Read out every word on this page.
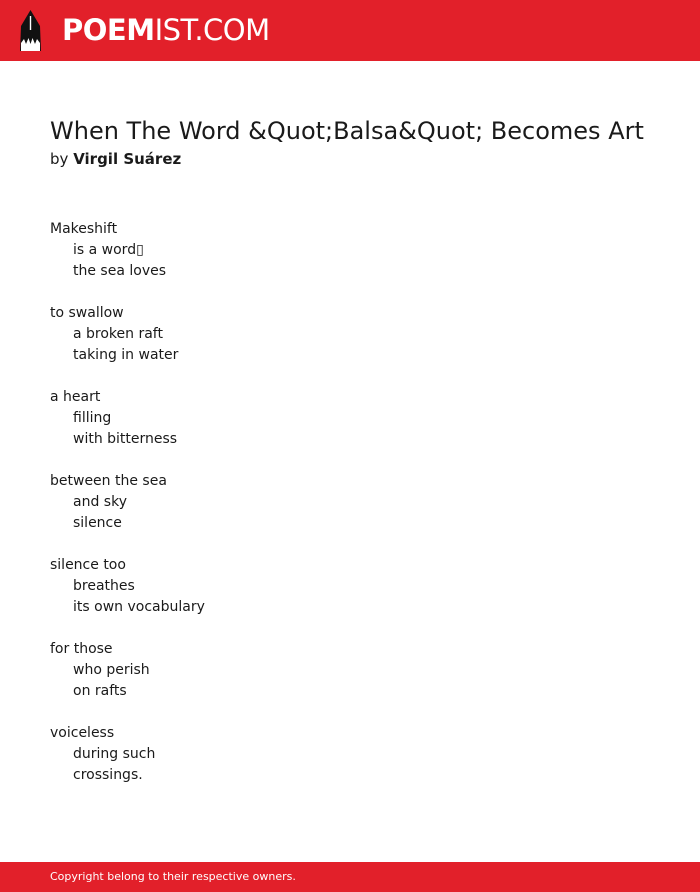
POEMIST.COM
When The Word &Quot;Balsa&Quot; Becomes Art
by Virgil Suárez
Makeshift
is a word▯
the sea loves
to swallow
a broken raft
taking in water
a heart
filling
with bitterness
between the sea
and sky
silence
silence too
breathes
its own vocabulary
for those
who perish
on rafts
voiceless
during such
crossings.
Copyright belong to their respective owners.
